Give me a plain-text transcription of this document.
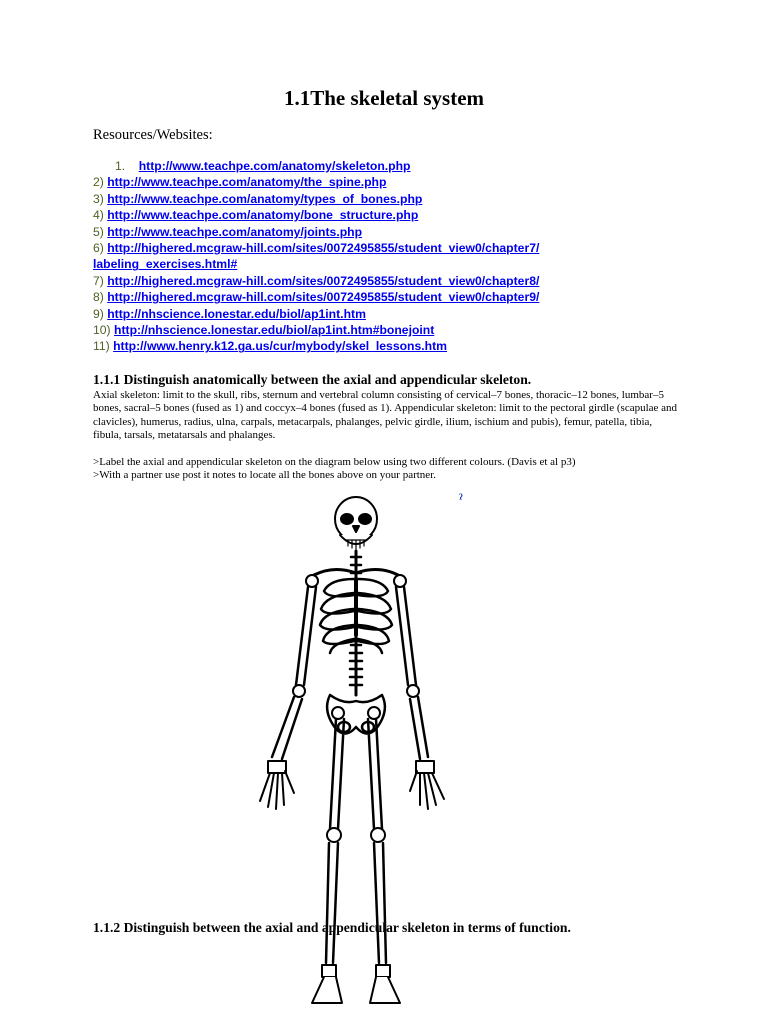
1.1The skeletal system
Resources/Websites:
1. http://www.teachpe.com/anatomy/skeleton.php
2) http://www.teachpe.com/anatomy/the_spine.php
3) http://www.teachpe.com/anatomy/types_of_bones.php
4) http://www.teachpe.com/anatomy/bone_structure.php
5) http://www.teachpe.com/anatomy/joints.php
6) http://highered.mcgraw-hill.com/sites/0072495855/student_view0/chapter7/
labeling_exercises.html#
7) http://highered.mcgraw-hill.com/sites/0072495855/student_view0/chapter8/
8) http://highered.mcgraw-hill.com/sites/0072495855/student_view0/chapter9/
9) http://nhscience.lonestar.edu/biol/ap1int.htm
10) http://nhscience.lonestar.edu/biol/ap1int.htm#bonejoint
11) http://www.henry.k12.ga.us/cur/mybody/skel_lessons.htm
1.1.1 Distinguish anatomically between the axial and appendicular skeleton.

Axial skeleton: limit to the skull, ribs, sternum and vertebral column consisting of cervical–7 bones, thoracic–12 bones, lumbar–5 bones, sacral–5 bones (fused as 1) and coccyx–4 bones (fused as 1). Appendicular skeleton: limit to the pectoral girdle (scapulae and clavicles), humerus, radius, ulna, carpals, metacarpals, phalanges, pelvic girdle, ilium, ischium and pubis), femur, patella, tibia, fibula, tarsals, metatarsals and phalanges.

>Label the axial and appendicular skeleton on the diagram below using two different colours. (Davis et al p3)

>With a partner use post it notes to locate all the bones above on your partner.

ˀ
1.1.2 Distinguish between the axial and appendicular skeleton in terms of function.
